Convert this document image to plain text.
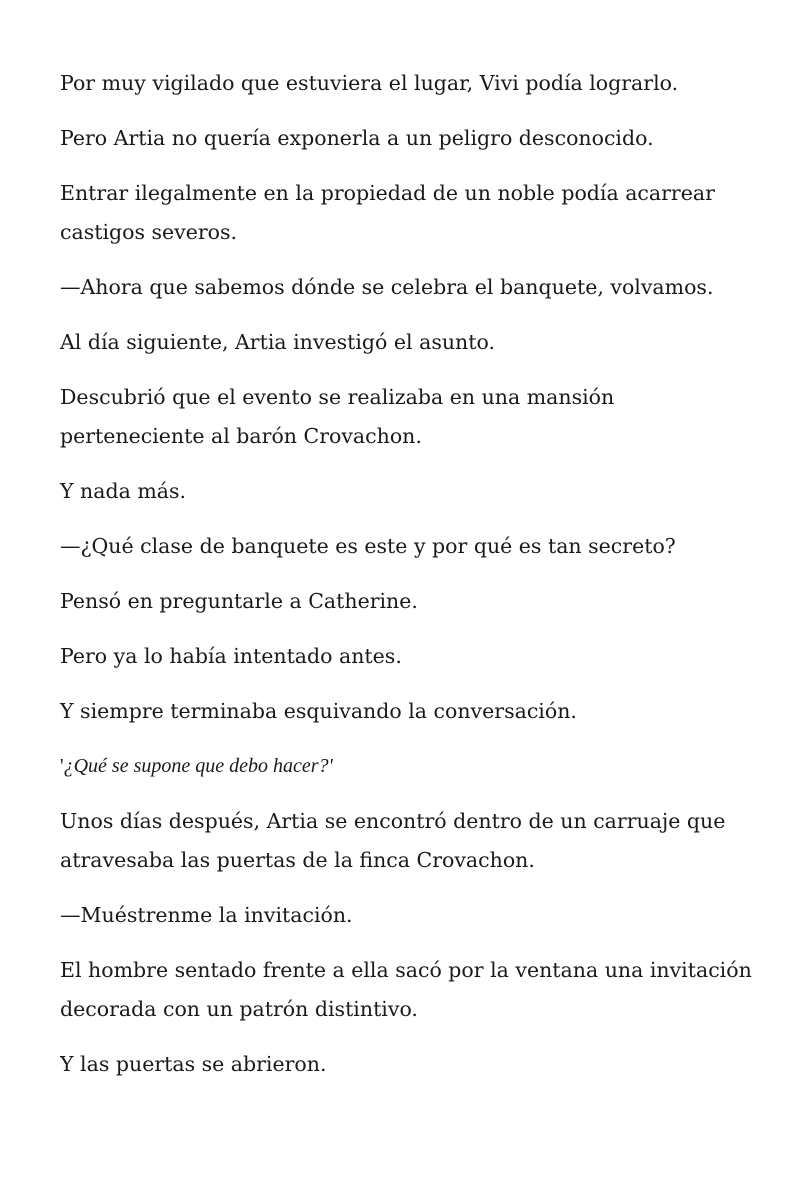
Por muy vigilado que estuviera el lugar, Vivi podía lograrlo.

Pero Artia no quería exponerla a un peligro desconocido.

Entrar ilegalmente en la propiedad de un noble podía acarrear castigos severos.

—Ahora que sabemos dónde se celebra el banquete, volvamos.

Al día siguiente, Artia investigó el asunto.

Descubrió que el evento se realizaba en una mansión perteneciente al barón Crovachon.

Y nada más.

—¿Qué clase de banquete es este y por qué es tan secreto?

Pensó en preguntarle a Catherine.

Pero ya lo había intentado antes.

Y siempre terminaba esquivando la conversación.

'¿Qué se supone que debo hacer?'

Unos días después, Artia se encontró dentro de un carruaje que atravesaba las puertas de la finca Crovachon.

—Muéstrenme la invitación.

El hombre sentado frente a ella sacó por la ventana una invitación decorada con un patrón distintivo.

Y las puertas se abrieron.
